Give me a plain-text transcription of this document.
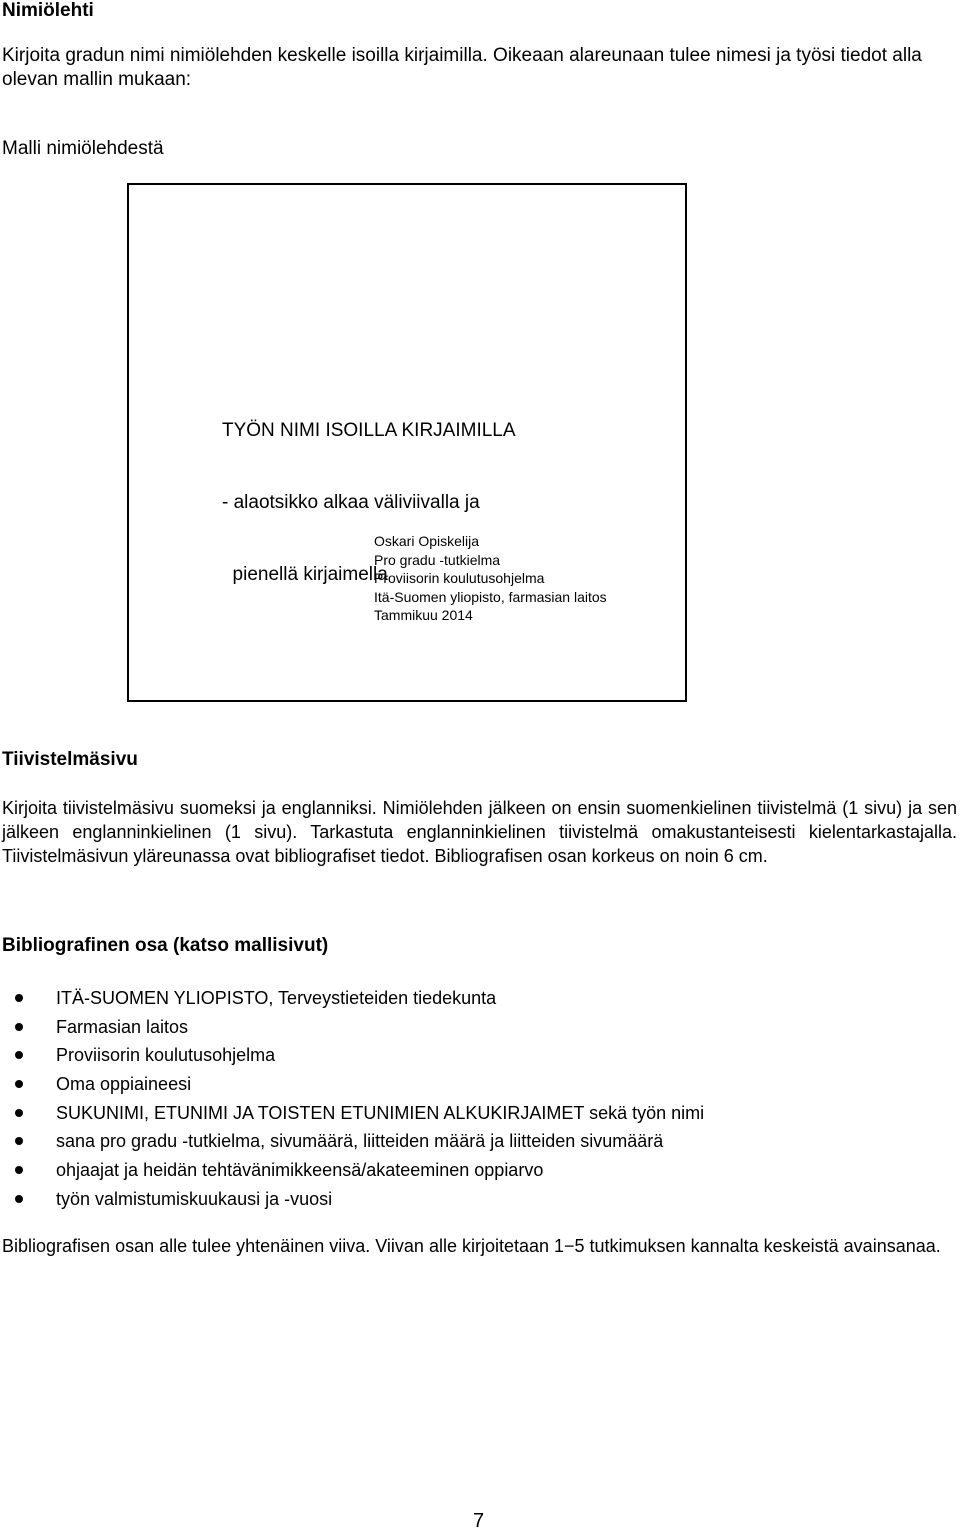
Nimiölehti

Kirjoita gradun nimi nimiölehden keskelle isoilla kirjaimilla. Oikeaan alareunaan tulee nimesi ja työsi tiedot alla olevan mallin mukaan:

Malli nimiölehdestä

TYÖN NIMI ISOILLA KIRJAIMILLA

- alaotsikko alkaa väliviivalla ja

pienellä kirjaimella

Oskari Opiskelija
Pro gradu -tutkielma
Proviisorin koulutusohjelma
Itä-Suomen yliopisto, farmasian laitos
Tammikuu 2014
Tiivistelmäsivu

Kirjoita tiivistelmäsivu suomeksi ja englanniksi. Nimiölehden jälkeen on ensin suomenkielinen tiivistelmä (1 sivu) ja sen jälkeen englanninkielinen (1 sivu). Tarkastuta englanninkielinen tiivistelmä omakustanteisesti kielentarkastajalla. Tiivistelmäsivun yläreunassa ovat bibliografiset tiedot. Bibliografisen osan korkeus on noin 6 cm.

Bibliografinen osa (katso mallisivut)
ITÄ-SUOMEN YLIOPISTO, Terveystieteiden tiedekunta
Farmasian laitos
Proviisorin koulutusohjelma
Oma oppiaineesi
SUKUNIMI, ETUNIMI JA TOISTEN ETUNIMIEN ALKUKIRJAIMET sekä työn nimi
sana pro gradu -tutkielma, sivumäärä, liitteiden määrä ja liitteiden sivumäärä
ohjaajat ja heidän tehtävänimikkeensä/akateeminen oppiarvo
työn valmistumiskuukausi ja -vuosi

Bibliografisen osan alle tulee yhtenäinen viiva. Viivan alle kirjoitetaan 1−5 tutkimuksen kannalta keskeistä avainsanaa.

7
